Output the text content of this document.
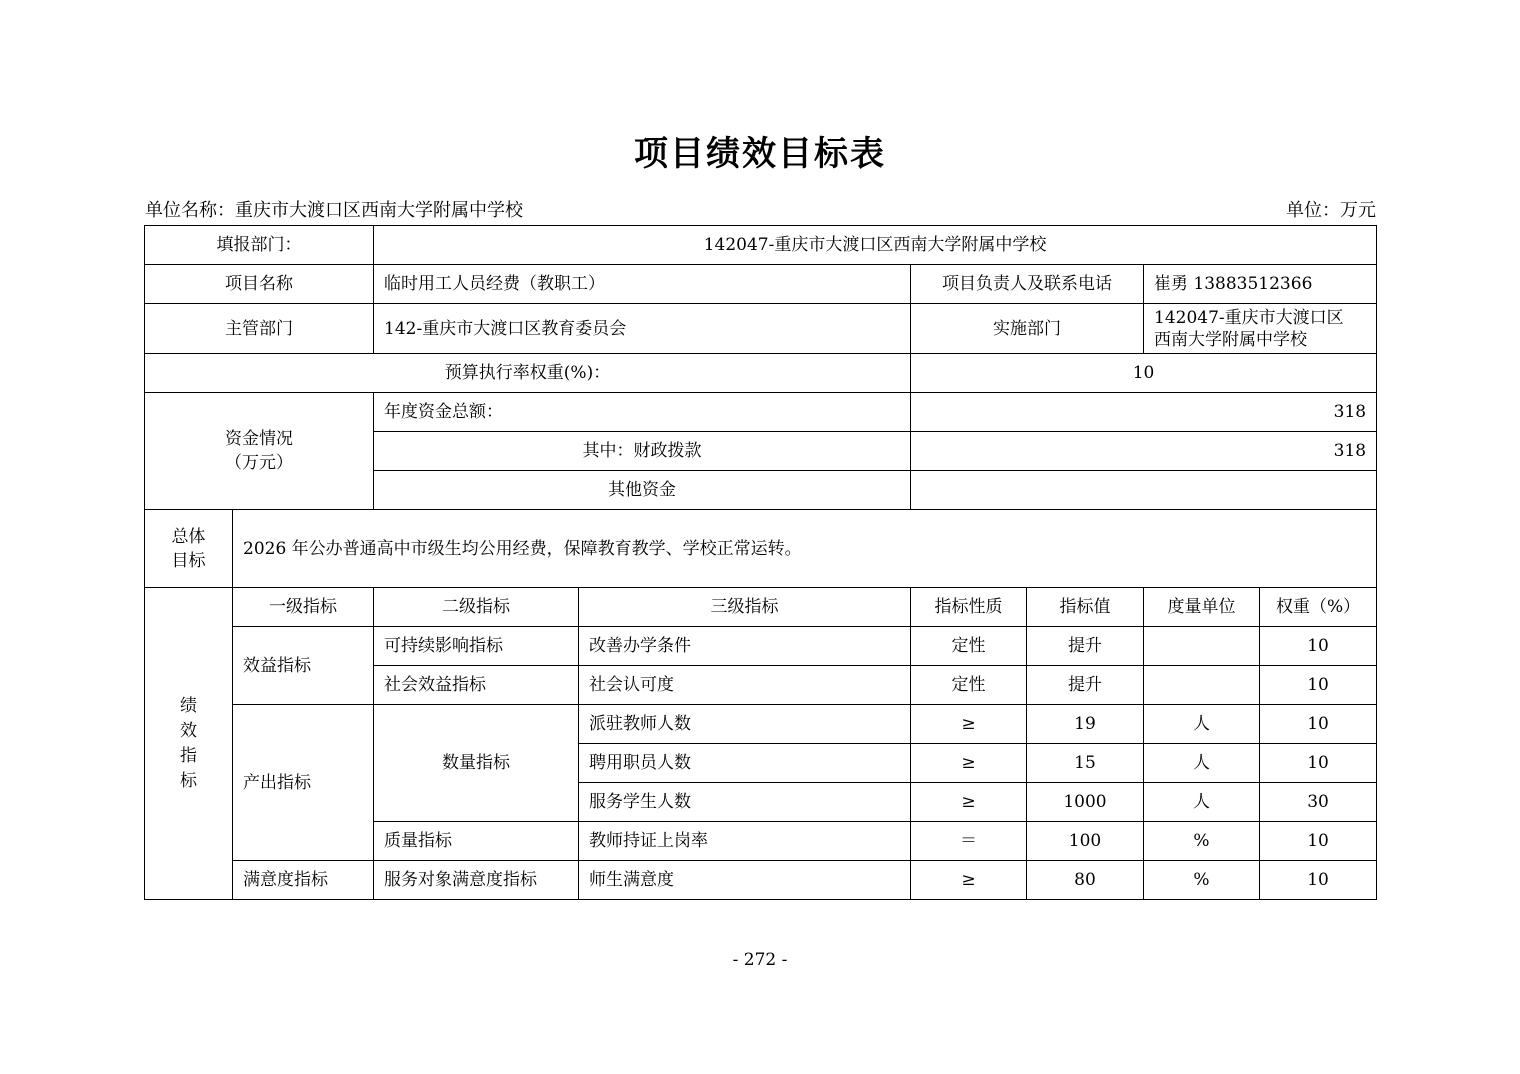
项目绩效目标表
单位名称：重庆市大渡口区西南大学附属中学校	单位：万元
填报部门：		142047-重庆市大渡口区西南大学附属中学校					
项目名称		临时用工人员经费（教职工）		项目负责人及联系电话		崔勇 13883512366	
主管部门		142-重庆市大渡口区教育委员会		实施部门		142047-重庆市大渡口区
西南大学附属中学校	

预算执行率权重(%)：				10			

资金情况
（万元）		年度资金总额：		318			
		其中：财政拨款		318			
		其他资金					

总体
目标	2026 年公办普通高中市级生均公用经费，保障教育教学、学校正常运转。						

绩
效
指
标	一级指标	二级指标	三级指标	指标性质	指标值	度量单位	权重（%）
	效益指标	可持续影响指标	改善办学条件	定性	提升		10
		社会效益指标	社会认可度	定性	提升		10
	产出指标	数量指标	派驻教师人数	≥	19	人	10
			聘用职员人数	≥	15	人	10
			服务学生人数	≥	1000	人	30
		质量指标	教师持证上岗率	＝	100	%	10
	满意度指标	服务对象满意度指标	师生满意度	≥	80	%	10
- 272 -
